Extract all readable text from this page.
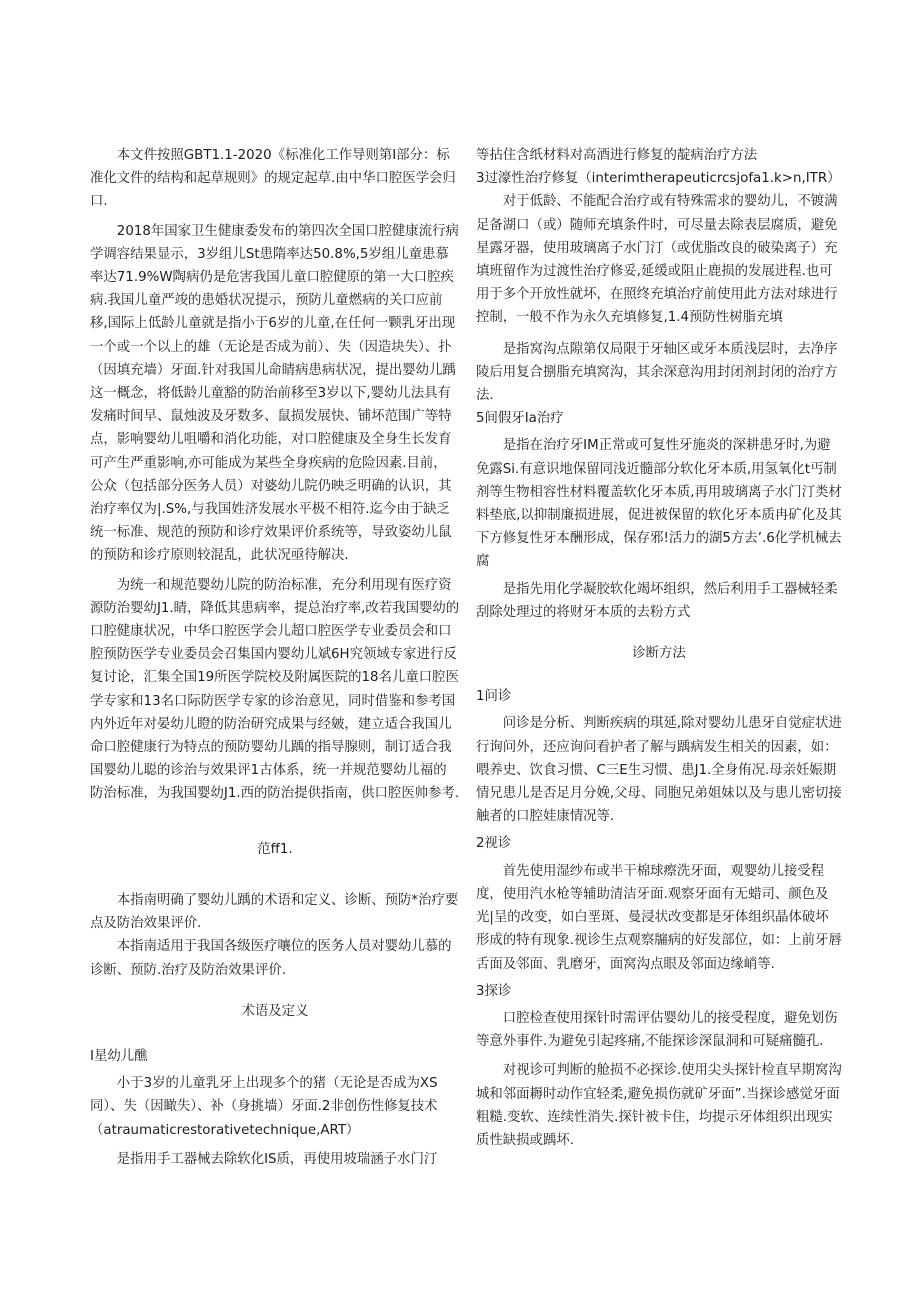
本文件按照GBT1.1-2020《标准化工作导则第I部分：标准化文件的结构和起草规则》的规定起草.由中华口腔医学会归口.

2018年国家卫生健康委发布的第四次全国口腔健康流行病学调容结果显示，3岁组儿St患隋率达50.8%,5岁组儿童患慕率达71.9%W陶病仍是危害我国儿童口腔健原的第一大口腔疾病.我国儿童严竣的患婚状况提示，预防儿童燃病的关口应前移,国际上低龄儿童就是指小于6岁的儿童,在任何一颗乳牙出现一个或一个以上的雄（无论是否成为前）、失（因造块失）、扑（因填充墙）牙面.针对我国儿命睛病患病状况，提出婴幼儿踽这一概念，将低龄儿童豁的防治前移至3岁以下,婴幼儿法具有发痛时间早、鼠烛波及牙数多、鼠损发展快、铺坏范围广等特点，影响婴幼儿咀嚼和消化功能，对口腔健康及全身生长发育可产生严重影响,亦可能成为某些全身疾病的危险因素.目前，公众（包括部分医务人员）对婆幼儿院仍映乏明确的认识，其治疗率仅为|.S%,与我国姓济发展水平极不相符.迄今由于缺乏统一标准、规范的预防和诊疗效果评价系统等，导致姿幼儿鼠的预防和诊疗原则较混乱，此状况亟待解决.

为统一和规范婴幼儿院的防治标准，充分利用现有医疗资源防治婴幼J1.睛，降低其患病率，提总治疗率,改若我国婴幼的口腔健康状况，中华口腔医学会儿超口腔医学专业委员会和口腔预防医学专业委员会召集国内婴幼儿斌6H究领域专家进行反复讨论，汇集全国19所医学院校及附属医院的18名儿童口腔医学专家和13名口际防医学专家的诊治意见，同时借鉴和参考国内外近年对晏幼儿瞪的防治研究成果与经皴，建立适合我国儿命口腔健康行为特点的预防婴幼儿踽的指导腺则，制订适合我国婴幼儿聪的诊治与效果评1古体系，统一并规范婴幼儿福的防治标准，为我国婴幼J1.西的防治提供指南，供口腔医帅参考.

范ff1.

本指南明确了婴幼儿踽的术语和定义、诊断、预防*治疗要点及防治效果评价.

本指南适用于我国各级医疗嚷位的医务人员对婴幼儿慕的诊断、预防.治疗及防治效果评价.

术语及定义

I星幼儿醮

小于3岁的儿童乳牙上出现多个的猪（无论是否成为XS同）、失（因瞰失）、补（身挑墙）牙面.2非创伤性修复技术（atraumaticrestorativetechnique,ART）

是指用手工器械去除软化IS质，再使用坡瑞涵子水门汀

等拈住含纸材料对高酒进行修复的靛病治疗方法

3过濠性治疗修复（interimtherapeuticrcsjofa1.k>n,ITR）

对于低龄、不能配合治疗或有特殊需求的婴幼儿，不镀满足备湖口（或）随师充填条件时，可尽量去除表层腐质，避免星露牙器，使用玻璃离子水门汀（或优脂改良的破染离子）充填班留作为过渡性治疗修妥,延缓或阻止鹿损的发展进程.也可用于多个开放性就坏，在照终充填治疗前使用此方法对球进行控制，一般不作为永久充填修复,1.4预防性树脂充填

是指窝沟点隙第仅局限于牙轴区或牙本质浅层时，去净序陵后用复合捌脂充填窝沟，其余深意沟用封闭剂封闭的治疗方法.

5间假牙Ia治疗

是指在治疗牙IM正常或可复性牙施炎的深耕患牙时,为避免露Si.有意识地保留同浅近髓部分软化牙本质,用氢氧化t丐制剂等生物相容性材料覆盖软化牙本质,再用玻璃离子水门汀类材料垫底,以抑制廉损进展，促进被保留的软化牙本质冉矿化及其下方修复性牙本酬形成，保存邪!活力的湖5方去’.6化学机械去腐

是指先用化学凝胶软化竭坏组织，然后利用手工器械轻柔刮除处理过的将财牙本质的去粉方式

诊断方法

1问诊

问诊是分析、判断疾病的琪延,除对婴幼儿患牙自觉症状进行询问外，还应询问看护者了解与踽病发生相关的因素，如：喂养史、饮食习惯、C三E生习惯、患J1.全身侑况.母亲妊娠期情兄患儿是否足月分娩,父母、同胞兄弟姐妹以及与患儿密切接触者的口腔娃康情况等.

2视诊

首先使用湿纱布或半干棉球瘵洗牙面，观婴幼儿接受程度，使用汽水枪等辅助清洁牙面.观察牙面有无蜡司、颜色及光|呈的改变，如白垩斑、曼浸状改变都是牙体组织晶体破坏形成的特有现象.视诊生点观察牖病的好发部位，如：上前牙唇舌面及邻面、乳磨牙，面窝沟点眼及邻面边缘峭等.

3探诊

口腔检查使用探针时需评估婴幼儿的接受程度，避免划伤等意外事件.为避免引起疼痛,不能探诊深鼠洞和可疑痛髓孔.

对视诊可判断的舱损不必探诊.使用尖头探针检直早期窝沟城和邻面耨时动作宜轻柔,避免损伤就矿牙面”.当探诊感觉牙面粗糙.变软、连续性消失.探针被卡住，均提示牙体组织出现实质性缺损或踽坏.
